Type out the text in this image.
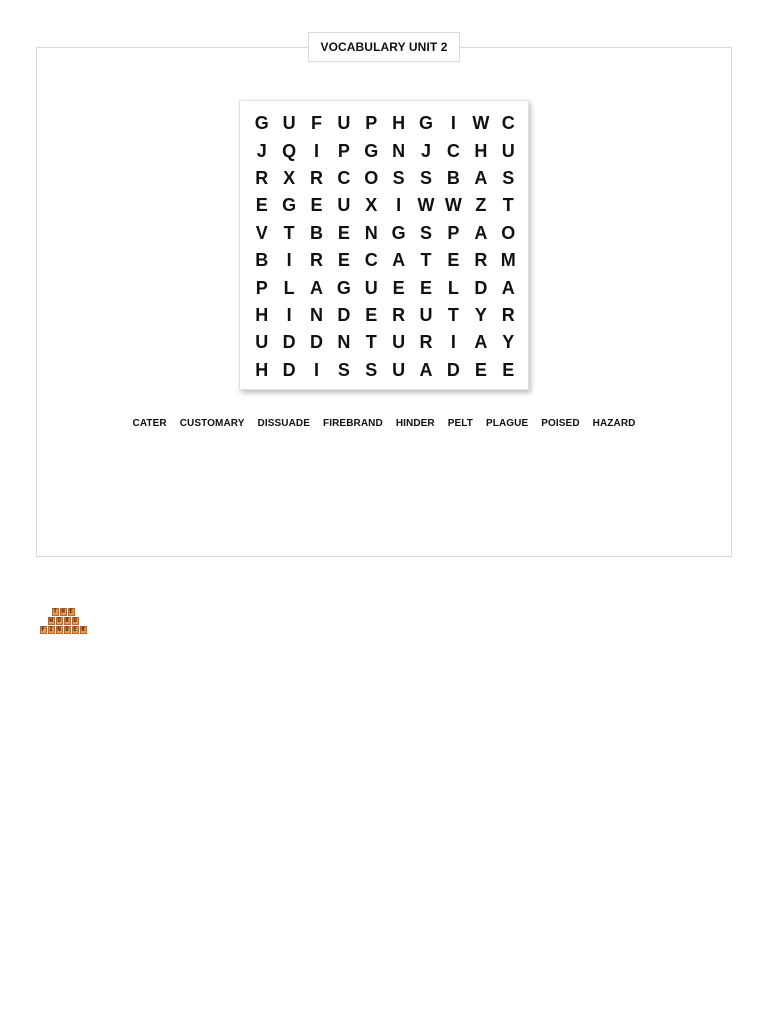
VOCABULARY UNIT 2
G U F U P H G I W C
J Q I	P G N J C H U
R X R C O S S B A S
E G E U X	I W W Z T
V T B E N G S P A O
B	I	R E C A T E R M
P L A G U E E L D A
H	I	N D E R U T Y R
U D D N T U R	I	A Y
H D	I	S S U A D E E
CATER CUSTOMARY DISSUADE FIREBRAND HINDER PELT PLAGUE POISED HAZARD
T H E
W O R D
F I N D E R
